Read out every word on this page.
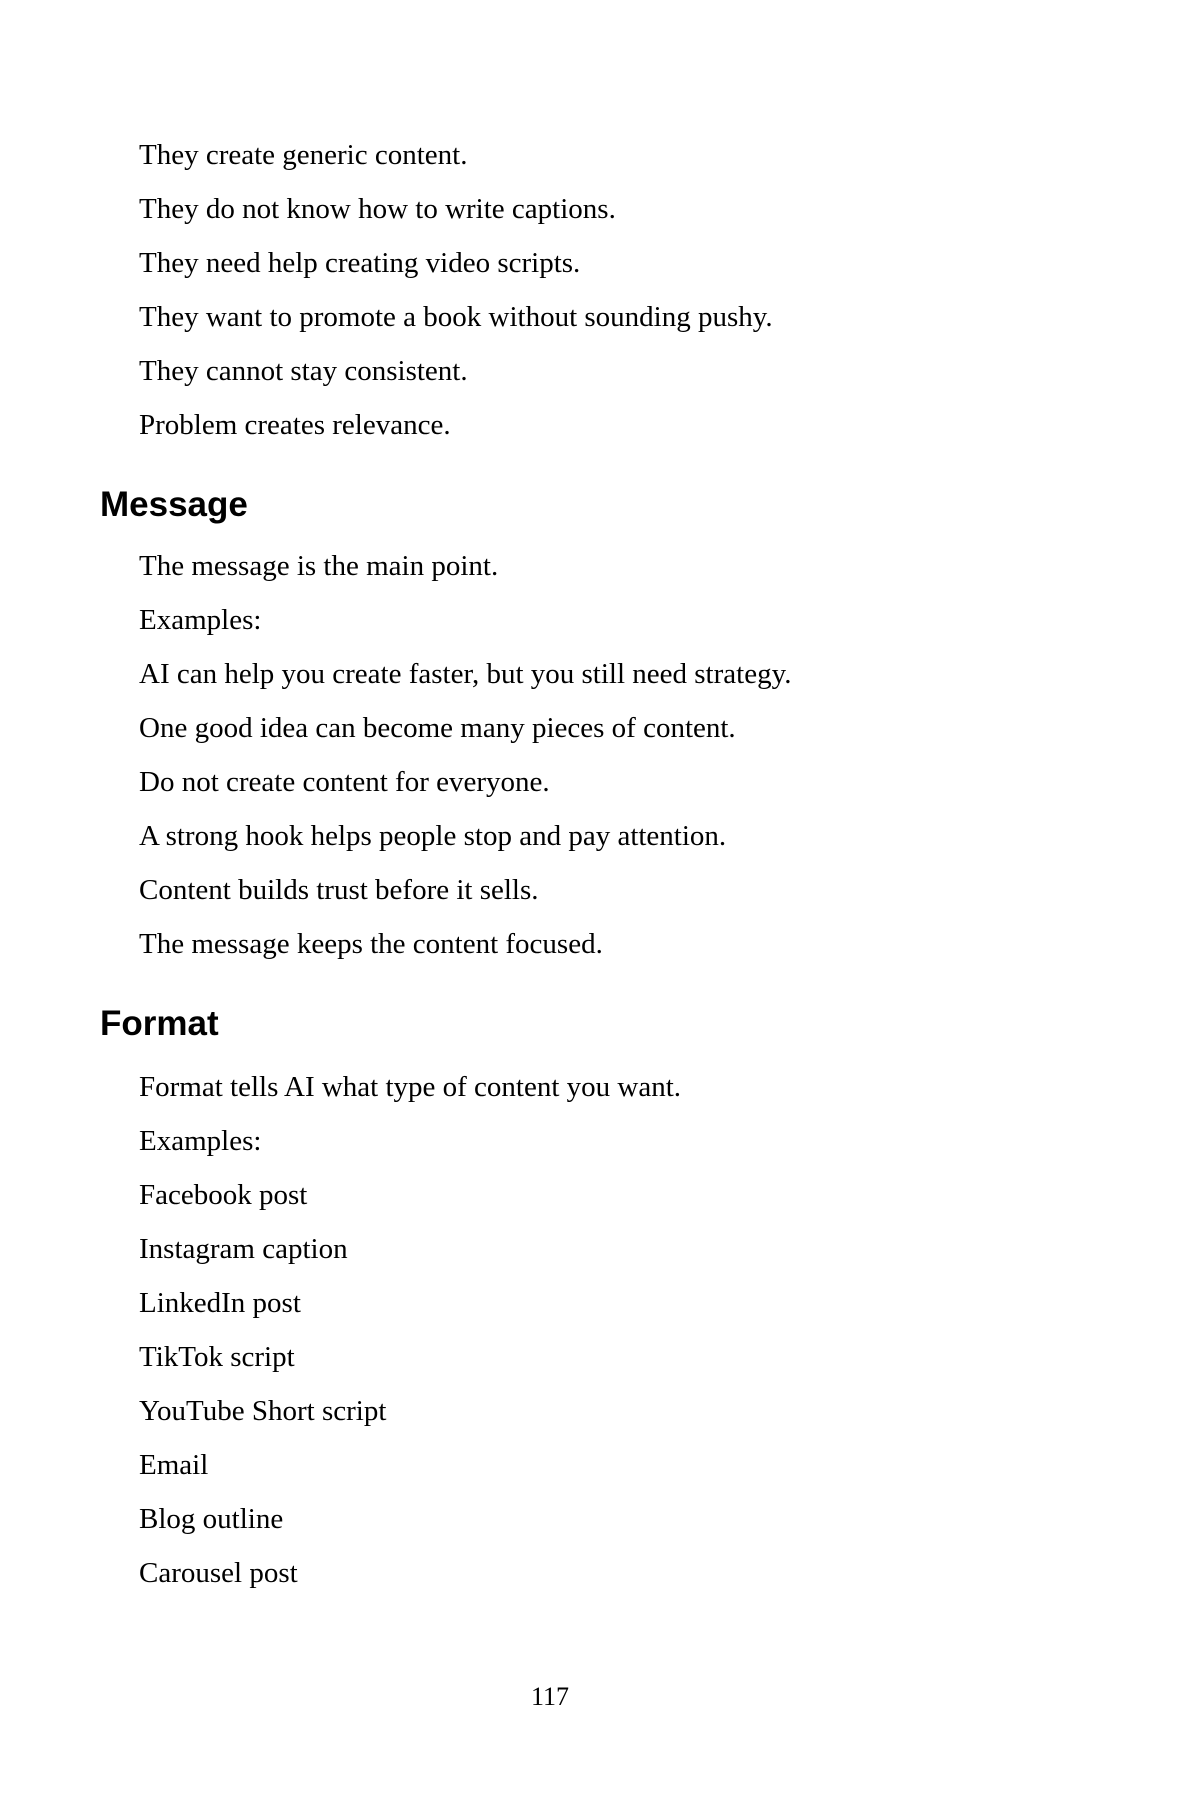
They create generic content.

They do not know how to write captions.

They need help creating video scripts.

They want to promote a book without sounding pushy.

They cannot stay consistent.

Problem creates relevance.

Message

The message is the main point.

Examples:

AI can help you create faster, but you still need strategy.

One good idea can become many pieces of content.

Do not create content for everyone.

A strong hook helps people stop and pay attention.

Content builds trust before it sells.

The message keeps the content focused.

Format

Format tells AI what type of content you want.

Examples:

Facebook post

Instagram caption

LinkedIn post

TikTok script

YouTube Short script

Email

Blog outline

Carousel post

117
